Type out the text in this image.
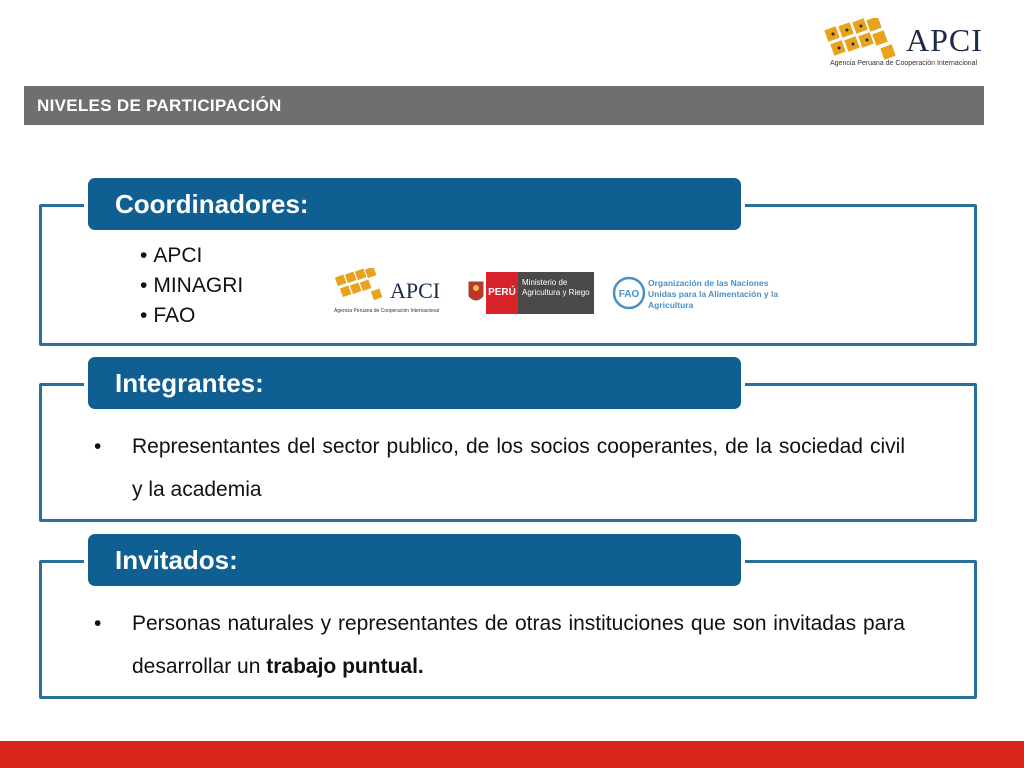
APCI
Agencia Peruana de Cooperación Internacional
NIVELES DE PARTICIPACIÓN
Coordinadores:
• APCI
• MINAGRI
• FAO
APCI
Agencia Peruana de Cooperación Internacional
PERÚ
Ministerio de Agricultura y Riego	FAO
Organización de las Naciones Unidas para la Alimentación y la Agricultura
Integrantes:
• Representantes del sector publico, de los socios cooperantes, de la sociedad civil y la academia
Invitados:
• Personas naturales y representantes de otras instituciones que son invitadas para desarrollar un trabajo puntual.
